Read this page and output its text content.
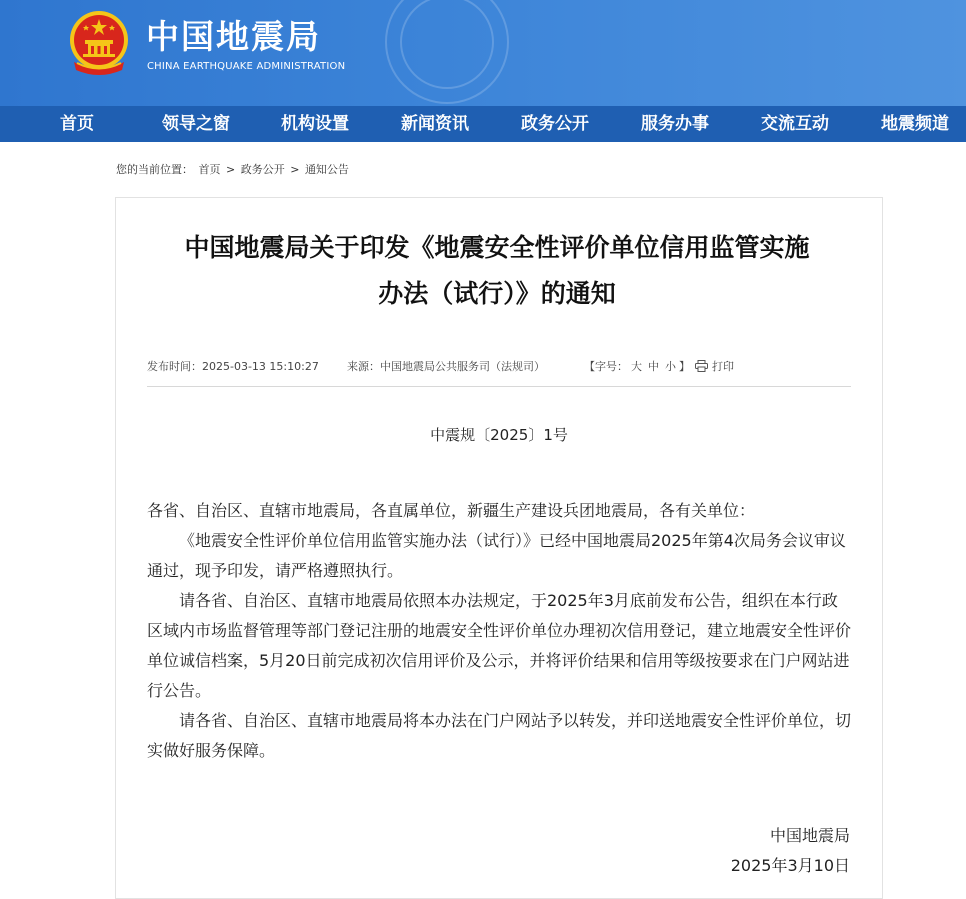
中国地震局
CHINA EARTHQUAKE ADMINISTRATION
首页	领导之窗	机构设置	新闻资讯	政务公开	服务办事	交流互动	地震频道
您的当前位置： 首页 > 政务公开 > 通知公告
中国地震局关于印发《地震安全性评价单位信用监管实施
办法（试行）》的通知
发布时间：2025-03-13 15:10:27	来源：中国地震局公共服务司（法规司）	【字号： 大 中 小 】	打印
中震规〔2025〕1号

各省、自治区、直辖市地震局，各直属单位，新疆生产建设兵团地震局，各有关单位：

《地震安全性评价单位信用监管实施办法（试行）》已经中国地震局2025年第4次局务会议审议通过，现予印发，请严格遵照执行。

请各省、自治区、直辖市地震局依照本办法规定，于2025年3月底前发布公告，组织在本行政区域内市场监督管理等部门登记注册的地震安全性评价单位办理初次信用登记，建立地震安全性评价单位诚信档案，5月20日前完成初次信用评价及公示，并将评价结果和信用等级按要求在门户网站进行公告。

请各省、自治区、直辖市地震局将本办法在门户网站予以转发，并印送地震安全性评价单位，切实做好服务保障。

中国地震局
2025年3月10日
